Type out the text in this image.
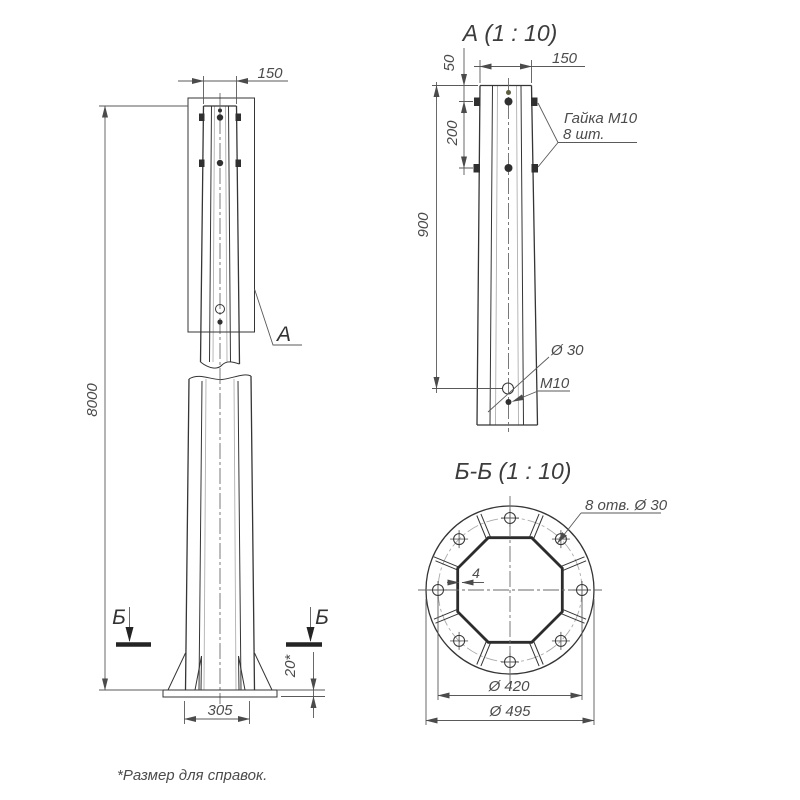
150
8000
Б	Б
20*
305
А
А (1 : 10)
150
50
200
900
Гайка М10
8 шт.
Ø 30
М10
Б-Б (1 : 10)
8 отв. Ø 30
4
Ø 420
Ø 495
*Размер для справок.
